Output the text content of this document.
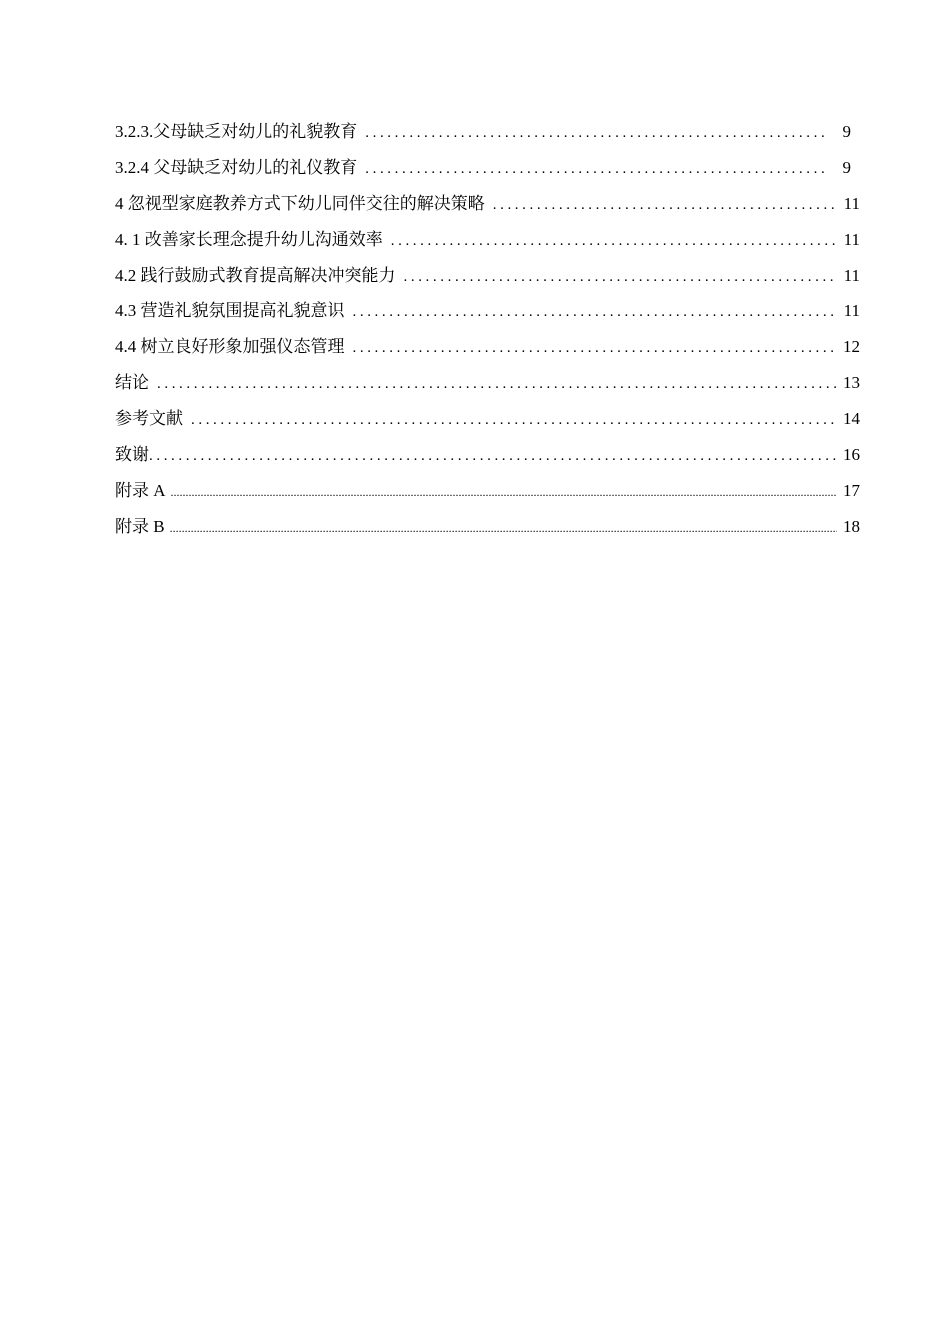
3.2.3.父母缺乏对幼儿的礼貌教育 .....	9
3.2.4 父母缺乏对幼儿的礼仪教育 .....	9
4 忽视型家庭教养方式下幼儿同伴交往的解决策略 .....	11
4. 1 改善家长理念提升幼儿沟通效率 .....	11
4.2 践行鼓励式教育提高解决冲突能力 .....	11
4.3 营造礼貌氛围提高礼貌意识 .....	11
4.4 树立良好形象加强仪态管理 .....	12
结论 .....	13
参考文献 .....	14
致谢 .....	16
附录 A .....	17
附录 B .....	18
